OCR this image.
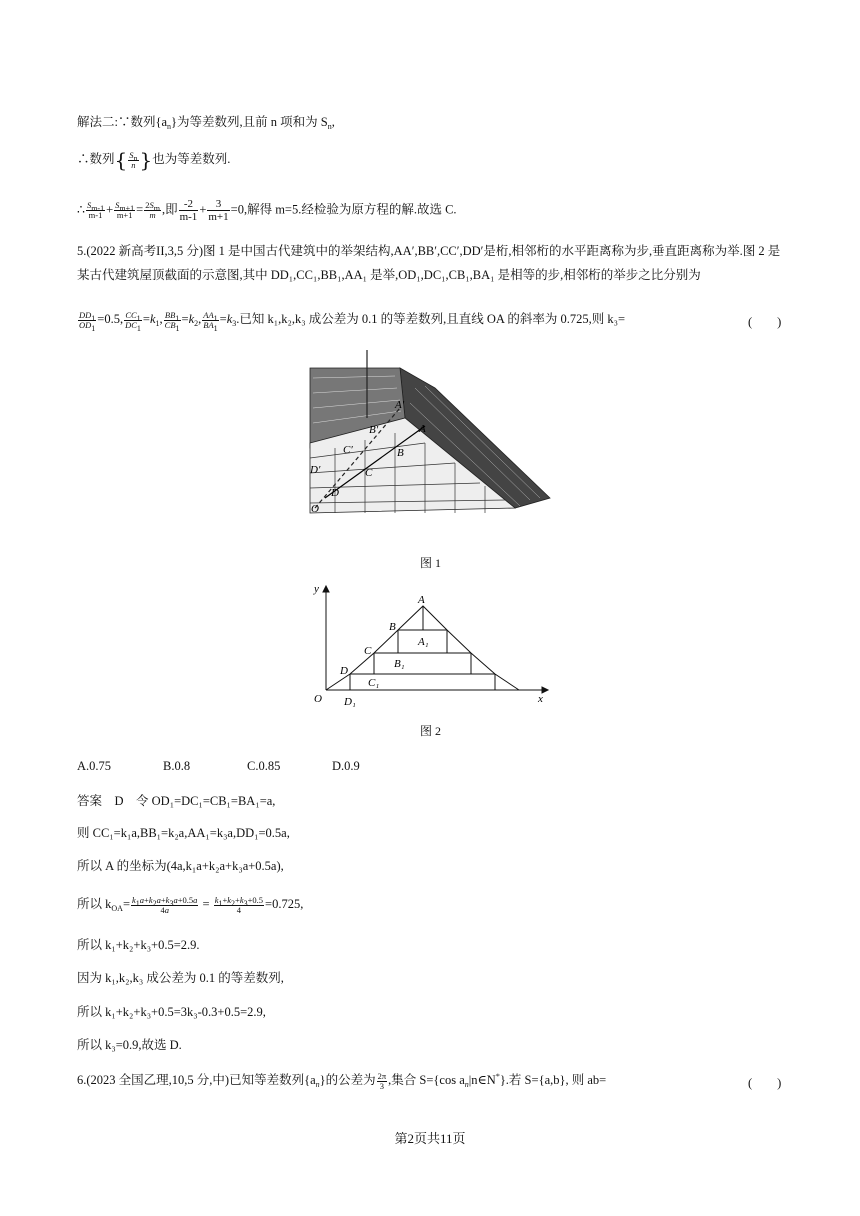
解法二:∵数列$\{a_n\}$为等差数列,且前 n 项和为 $S_n$,
∴数列{ $\frac{S_n}{n}$ }也为等差数列.
∴ $\frac{S_{m-1}}{m-1} + \frac{S_{m+1}}{m+1} = \frac{2S_m}{m}$ ,即 $\frac{-2}{m-1} + \frac{3}{m+1} =0$,解得 m=5.经检验为原方程的解.故选 C.
5.(2022 新高考II,3,5 分)图 1 是中国古代建筑中的举架结构,AA′,BB′,CC′,DD′是桁,相邻桁的水平距离称为步,垂直距离称为举.图 2 是某古代建筑屋顶截面的示意图,其中 DD₁,CC₁,BB₁,AA₁ 是举,OD₁,DC₁,CB₁,BA₁ 是相等的步,相邻桁的举步之比分别为
$\frac{DD_1}{OD_1} =0.5$, $\frac{CC_1}{DC_1} =k_1$, $\frac{BB_1}{CB_1} =k_2$, $\frac{AA_1}{BA_1} =k_3$.已知 k₁,k₂,k₃ 成公差为 0.1 的等差数列,且直线 OA 的斜率为 0.725,则 k₃=	(　　)
A′
A
B′
B
C′
C
D′
D
O
图 1
y
x
O
A
B
C
D
A₁
B₁
C₁
D₁
图 2
A.0.75	B.0.8	C.0.85	D.0.9
答案　D　令 OD₁=DC₁=CB₁=BA₁=a,
则 CC₁=k₁a,BB₁=k₂a,AA₁=k₃a,DD₁=0.5a,
所以 A 的坐标为(4a,k₁a+k₂a+k₃a+0.5a),
所以 $k_{OA}= \frac{k_1a+k_2a+k_3a+0.5a}{4a} = \frac{k_1+k_2+k_3+0.5}{4} =0.725$,
所以 k₁+k₂+k₃+0.5=2.9.
因为 k₁,k₂,k₃ 成公差为 0.1 的等差数列,
所以 k₁+k₂+k₃+0.5=3k₃-0.3+0.5=2.9,
所以 k₃=0.9,故选 D.
6.(2023 全国乙理,10,5 分,中)已知等差数列$\{a_n\}$的公差为 $\frac{2\pi}{3}$ ,集合 S={cos $a_n|n\in N^*$}.若 S={a,b}, 则 ab=	(　　)
第2页共11页
